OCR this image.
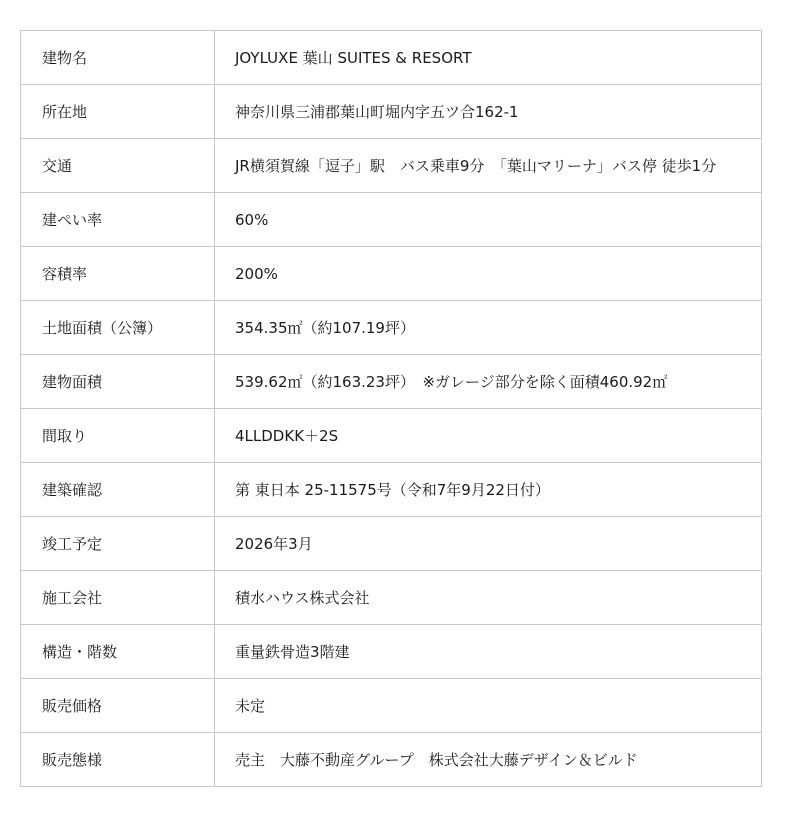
建物名	JOYLUXE 葉山 SUITES & RESORT
所在地	神奈川県三浦郡葉山町堀内字五ツ合162-1
交通	JR横須賀線「逗子」駅　バス乗車9分　「葉山マリーナ」バス停 徒歩1分
建ぺい率	60%
容積率	200%
土地面積（公簿）	354.35㎡（約107.19坪）
建物面積	539.62㎡（約163.23坪）　※ガレージ部分を除く面積460.92㎡
間取り	4LLDDKK＋2S
建築確認	第 東日本 25-11575号（令和7年9月22日付）
竣工予定	2026年3月
施工会社	積水ハウス株式会社
構造・階数	重量鉄骨造3階建
販売価格	未定
販売態様	売主　大藤不動産グループ　株式会社大藤デザイン＆ビルド
